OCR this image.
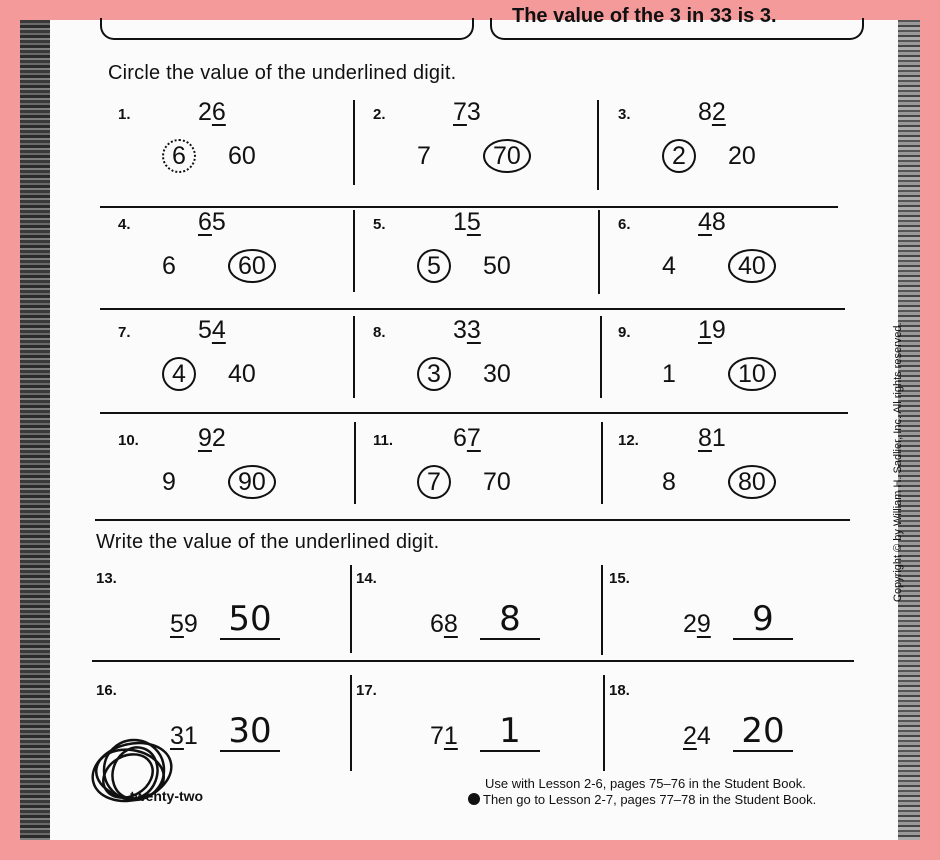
The value of the 3 in 33 is 3.
Circle the value of the underlined digit.
1.	26
6	60
2.	73
7	70
3.	82
2	20
4.	65
6	60
5.	15
5	50
6.	48
4	40
7.	54
4	40
8.	33
3	30
9.	19
1	10
10. 92
9	90
11. 67
7	70
12. 81
8	80
Write the value of the underlined digit.
13.
59 50
14.
68	8
15.
29	9
16.
31 30
17.
71	1
18.
24 20
twenty-two
Use with Lesson 2-6, pages 75–76 in the Student Book.
Then go to Lesson 2-7, pages 77–78 in the Student Book.
Copyright © by William H. Sadlier, Inc. All rights reserved.
